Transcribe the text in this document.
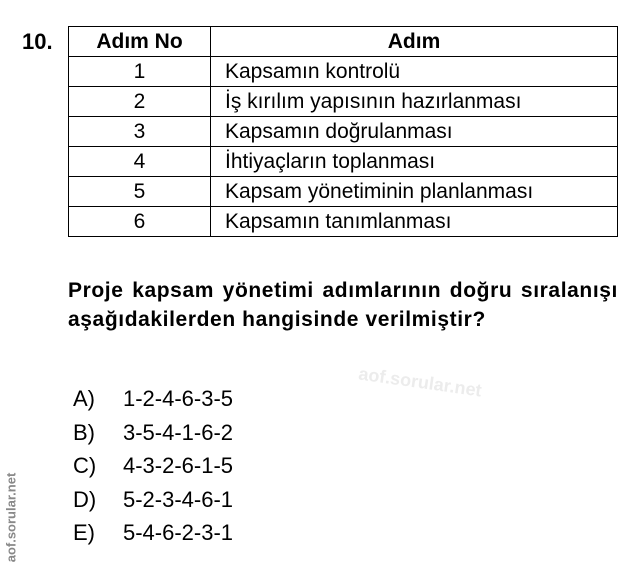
10. Adım No	Adım
1	Kapsamın kontrolü
2	İş kırılım yapısının hazırlanması
3	Kapsamın doğrulanması
4	İhtiyaçların toplanması
5	Kapsam yönetiminin planlanması
6	Kapsamın tanımlanması
Proje kapsam yönetimi adımlarının doğru sıralanışı aşağıdakilerden hangisinde verilmiştir?
aof.sorular.net
aof.sorular.net
A)	1-2-4-6-3-5
B)	3-5-4-1-6-2
C)	4-3-2-6-1-5
D)	5-2-3-4-6-1
E)	5-4-6-2-3-1
